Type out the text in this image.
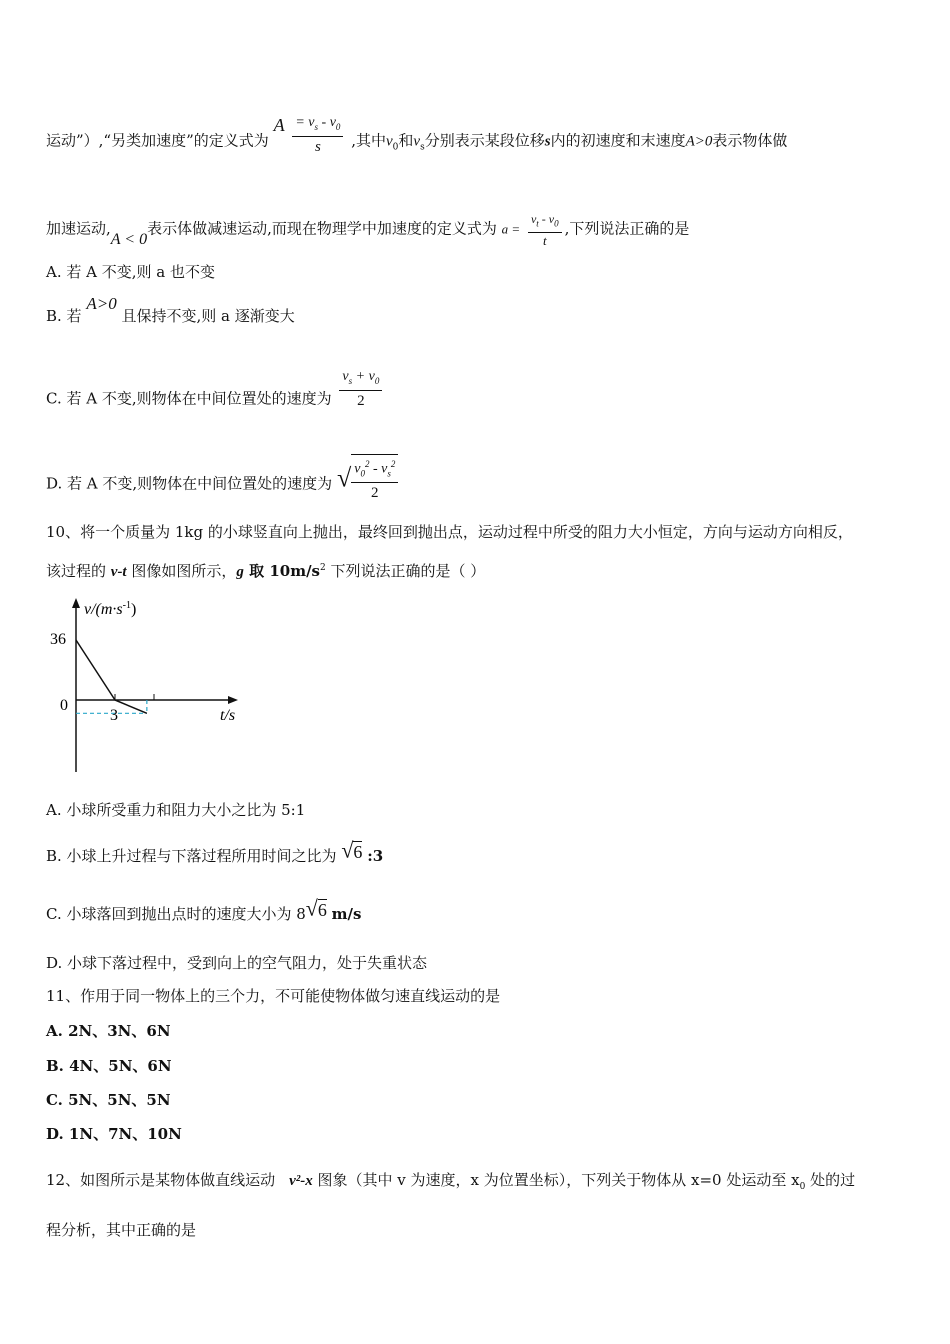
运动”）,“另类加速度”的定义式为 A $\frac{= v_s - v_0}{s}$ ,其中$v_0$和$v_s$分别表示某段位移s内的初速度和末速度A>0表示物体做
加速运动,A < 0表示体做减速运动,而现在物理学中加速度的定义式为 $a = \frac{v_t - v_0}{t}$ ,下列说法正确的是
A. 若 A 不变,则 a 也不变
B. 若 A>0 且保持不变,则 a 逐渐变大
C. 若 A 不变,则物体在中间位置处的速度为 $\frac{v_s + v_0}{2}$
D. 若 A 不变,则物体在中间位置处的速度为 √ $\frac{v_0^2 - v_s^2}{2}$
10、将一个质量为 1kg 的小球竖直向上抛出，最终回到抛出点，运动过程中所受的阻力大小恒定，方向与运动方向相反，
该过程的 v-t 图像如图所示，g 取 $10m/s^2$ 下列说法正确的是（ ）
$v/(m\cdot s^{-1})$
36
0
3	t/s
A. 小球所受重力和阻力大小之比为 5:1
B. 小球上升过程与下落过程所用时间之比为 √6 :3
C. 小球落回到抛出点时的速度大小为 8√6 m/s
D. 小球下落过程中，受到向上的空气阻力，处于失重状态
11、作用于同一物体上的三个力，不可能使物体做匀速直线运动的是
A. 2N、3N、6N
B. 4N、5N、6N
C. 5N、5N、5N
D. 1N、7N、10N
12、如图所示是某物体做直线运动 v²-x 图象（其中 v 为速度，x 为位置坐标），下列关于物体从 x=0 处运动至 $x_0$ 处的过
程分析，其中正确的是
